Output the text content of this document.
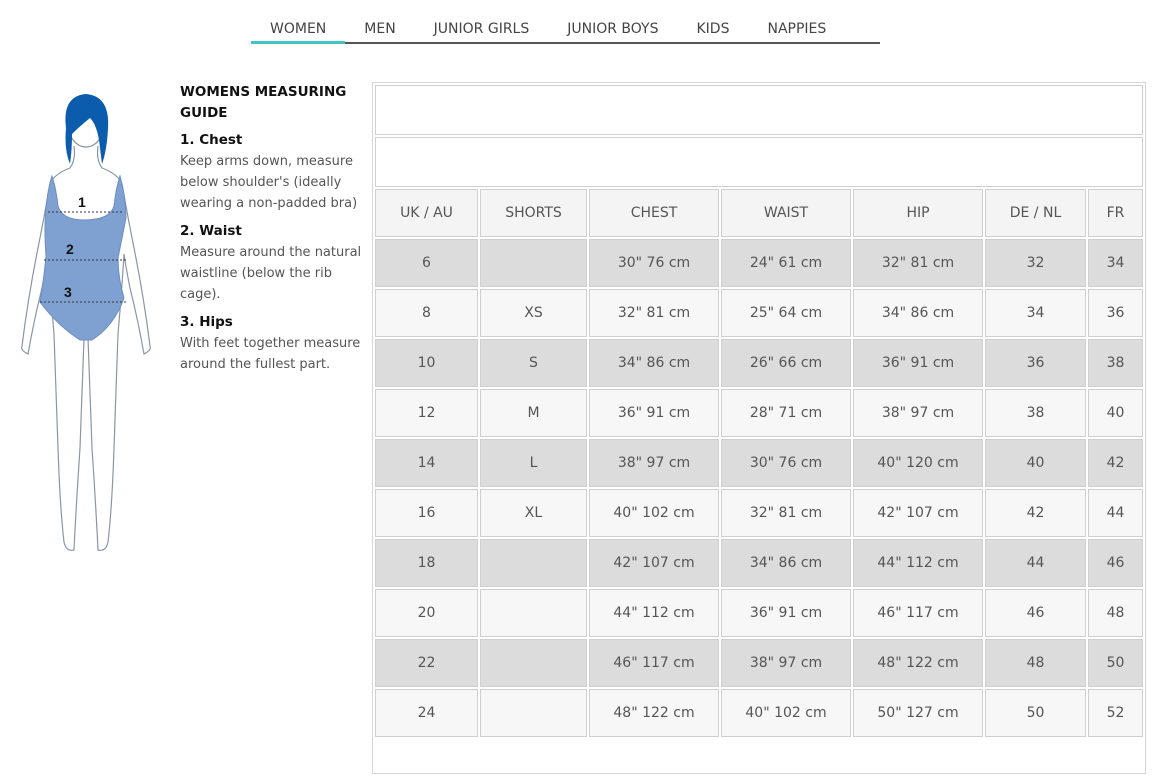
WOMEN	MEN	JUNIOR GIRLS	JUNIOR BOYS	KIDS	NAPPIES
1
2
3
WOMENS MEASURING GUIDE
1. Chest

Keep arms down, measure below shoulder's (ideally wearing a non-padded bra)

2. Waist

Measure around the natural waistline (below the rib cage).

3. Hips

With feet together measure around the fullest part.

UK / AU	SHORTS	CHEST	WAIST	HIP	DE / NL	FR
6		30" 76 cm	24" 61 cm	32" 81 cm	32	34
8	XS	32" 81 cm	25" 64 cm	34" 86 cm	34	36
10	S	34" 86 cm	26" 66 cm	36" 91 cm	36	38
12	M	36" 91 cm	28" 71 cm	38" 97 cm	38	40
14	L	38" 97 cm	30" 76 cm	40" 120 cm	40	42
16	XL	40" 102 cm	32" 81 cm	42" 107 cm	42	44
18		42" 107 cm	34" 86 cm	44" 112 cm	44	46
20		44" 112 cm	36" 91 cm	46" 117 cm	46	48
22		46" 117 cm	38" 97 cm	48" 122 cm	48	50
24		48" 122 cm	40" 102 cm	50" 127 cm	50	52
